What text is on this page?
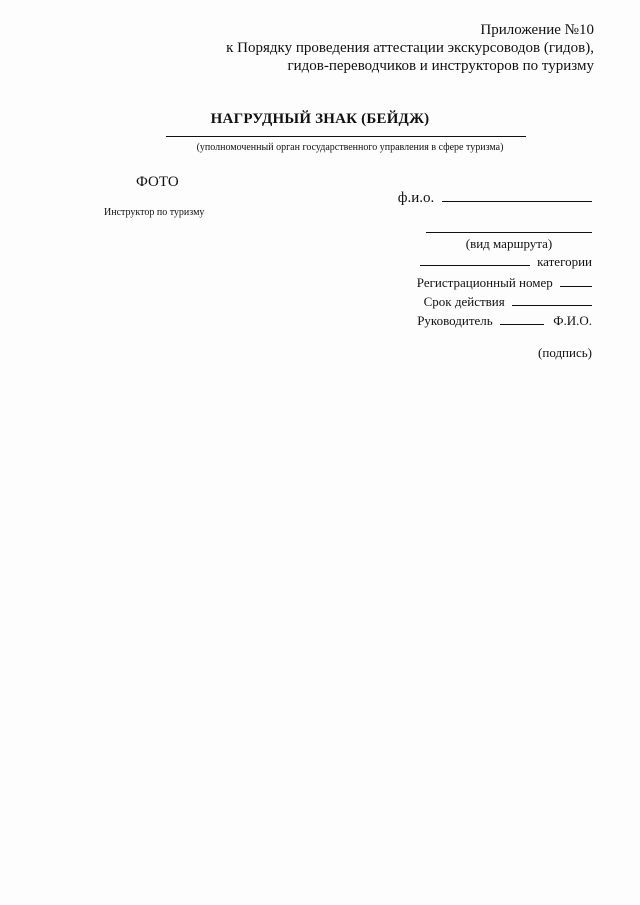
Приложение №10
к Порядку проведения аттестации экскурсоводов (гидов),
гидов-переводчиков и инструкторов по туризму
НАГРУДНЫЙ ЗНАК (БЕЙДЖ)
(уполномоченный орган государственного управления в сфере туризма)
ФОТО
Инструктор по туризму
ф.и.о.
(вид маршрута)
категории
Регистрационный номер
Срок действия
Руководитель	Ф.И.О.
(подпись)
